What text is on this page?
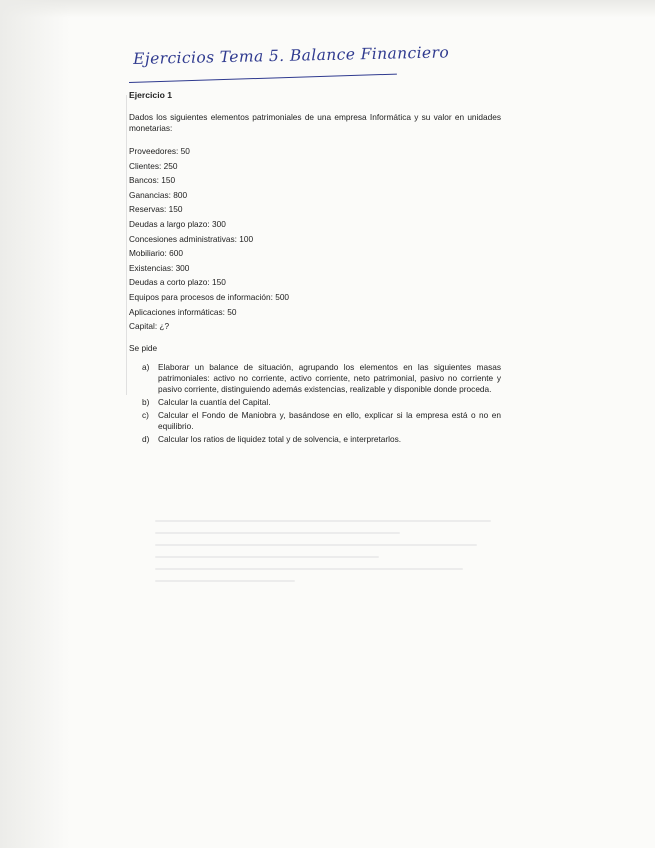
Ejercicios Tema 5. Balance Financiero

Ejercicio 1

Dados los siguientes elementos patrimoniales de una empresa Informática y su valor en unidades monetarias:

Proveedores: 50
Clientes: 250
Bancos: 150
Ganancias: 800
Reservas: 150
Deudas a largo plazo: 300
Concesiones administrativas: 100
Mobiliario: 600
Existencias: 300
Deudas a corto plazo: 150
Equipos para procesos de información: 500
Aplicaciones informáticas: 50
Capital: ¿?

Se pide

a) Elaborar un balance de situación, agrupando los elementos en las siguientes masas patrimoniales: activo no corriente, activo corriente, neto patrimonial, pasivo no corriente y pasivo corriente, distinguiendo además existencias, realizable y disponible donde proceda.
b) Calcular la cuantía del Capital.
c) Calcular el Fondo de Maniobra y, basándose en ello, explicar si la empresa está o no en equilibrio.
d) Calcular los ratios de liquidez total y de solvencia, e interpretarlos.
